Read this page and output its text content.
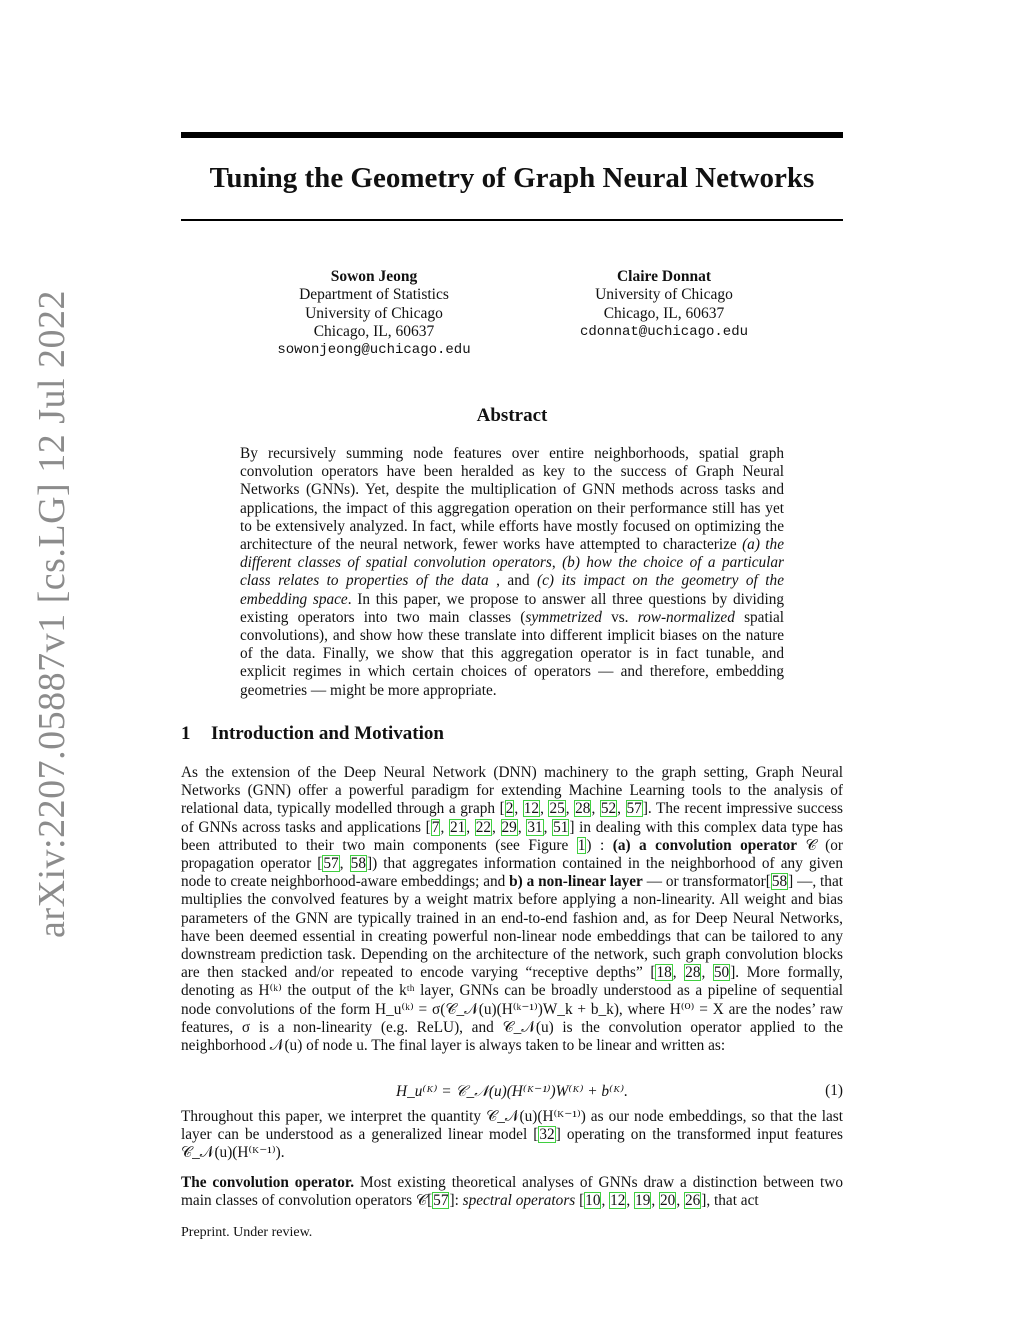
arXiv:2207.05887v1 [cs.LG] 12 Jul 2022
Tuning the Geometry of Graph Neural Networks
Sowon Jeong
Department of Statistics
University of Chicago
Chicago, IL, 60637
sowonjeong@uchicago.edu
Claire Donnat
University of Chicago
Chicago, IL, 60637
cdonnat@uchicago.edu
Abstract
By recursively summing node features over entire neighborhoods, spatial graph convolution operators have been heralded as key to the success of Graph Neural Networks (GNNs). Yet, despite the multiplication of GNN methods across tasks and applications, the impact of this aggregation operation on their performance still has yet to be extensively analyzed. In fact, while efforts have mostly focused on optimizing the architecture of the neural network, fewer works have attempted to characterize (a) the different classes of spatial convolution operators, (b) how the choice of a particular class relates to properties of the data , and (c) its impact on the geometry of the embedding space. In this paper, we propose to answer all three questions by dividing existing operators into two main classes (symmetrized vs. row-normalized spatial convolutions), and show how these translate into different implicit biases on the nature of the data. Finally, we show that this aggregation operator is in fact tunable, and explicit regimes in which certain choices of operators — and therefore, embedding geometries — might be more appropriate.
1 Introduction and Motivation
As the extension of the Deep Neural Network (DNN) machinery to the graph setting, Graph Neural Networks (GNN) offer a powerful paradigm for extending Machine Learning tools to the analysis of relational data, typically modelled through a graph [2, 12, 25, 28, 52, 57]. The recent impressive success of GNNs across tasks and applications [7, 21, 22, 29, 31, 51] in dealing with this complex data type has been attributed to their two main components (see Figure 1) : (a) a convolution operator 𝒞 (or propagation operator [57, 58]) that aggregates information contained in the neighborhood of any given node to create neighborhood-aware embeddings; and b) a non-linear layer — or transformator[58] —, that multiplies the convolved features by a weight matrix before applying a non-linearity. All weight and bias parameters of the GNN are typically trained in an end-to-end fashion and, as for Deep Neural Networks, have been deemed essential in creating powerful non-linear node embeddings that can be tailored to any downstream prediction task. Depending on the architecture of the network, such graph convolution blocks are then stacked and/or repeated to encode varying “receptive depths” [18, 28, 50]. More formally, denoting as H⁽ᵏ⁾ the output of the kᵗʰ layer, GNNs can be broadly understood as a pipeline of sequential node convolutions of the form H_u⁽ᵏ⁾ = σ(𝒞_𝒩(u)(H⁽ᵏ⁻¹⁾)W_k + b_k), where H⁽⁰⁾ = X are the nodes’ raw features, σ is a non-linearity (e.g. ReLU), and 𝒞_𝒩(u) is the convolution operator applied to the neighborhood 𝒩(u) of node u. The final layer is always taken to be linear and written as:
H_u⁽ᴷ⁾ = 𝒞_𝒩(u)(H⁽ᴷ⁻¹⁾)W⁽ᴷ⁾ + b⁽ᴷ⁾.	(1)
Throughout this paper, we interpret the quantity 𝒞_𝒩(u)(H⁽ᴷ⁻¹⁾) as our node embeddings, so that the last layer can be understood as a generalized linear model [32] operating on the transformed input features 𝒞_𝒩(u)(H⁽ᴷ⁻¹⁾).
The convolution operator. Most existing theoretical analyses of GNNs draw a distinction between two main classes of convolution operators 𝒞[57]: spectral operators [10, 12, 19, 20, 26], that act
Preprint. Under review.
